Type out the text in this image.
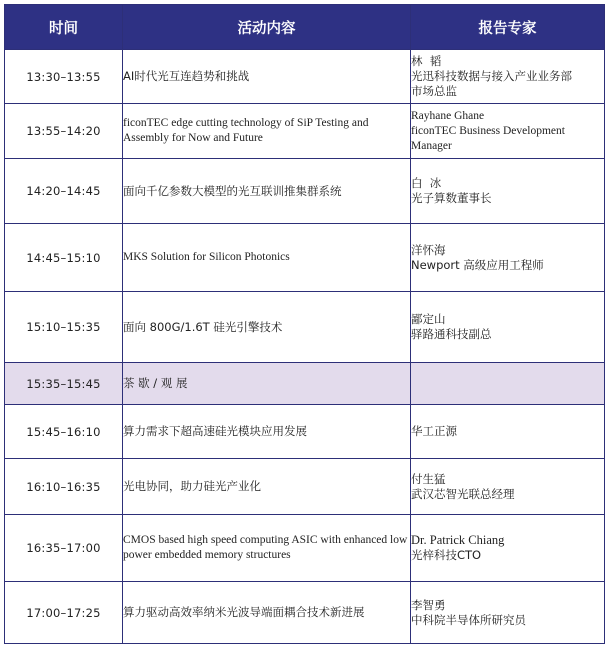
时间	活动内容	报告专家
13:30–13:55	AI时代光互连趋势和挑战	林  韬
光迅科技数据与接入产业业务部
市场总监

13:55–14:20	ficonTEC edge cutting technology of SiP Testing and Assembly for Now and Future	Rayhane Ghane
ficonTEC Business Development
Manager

14:20–14:45	面向千亿参数大模型的光互联训推集群系统	白  冰
光子算数董事长

14:45–15:10	MKS Solution for Silicon Photonics	洋怀海
Newport 高级应用工程师

15:10–15:35	面向 800G/1.6T 硅光引擎技术	鄙定山
驿路通科技副总

15:35–15:45	茶 歇 / 观 展	
15:45–16:10	算力需求下超高速硅光模块应用发展	华工正源

16:10–16:35	光电协同，助力硅光产业化	付生猛
武汉芯智光联总经理

16:35–17:00	CMOS based high speed computing ASIC with enhanced low power embedded memory structures	Dr. Patrick Chiang
光梓科技CTO

17:00–17:25	算力驱动高效率纳米光波导端面耦合技术新进展	李智勇
中科院半导体所研究员
